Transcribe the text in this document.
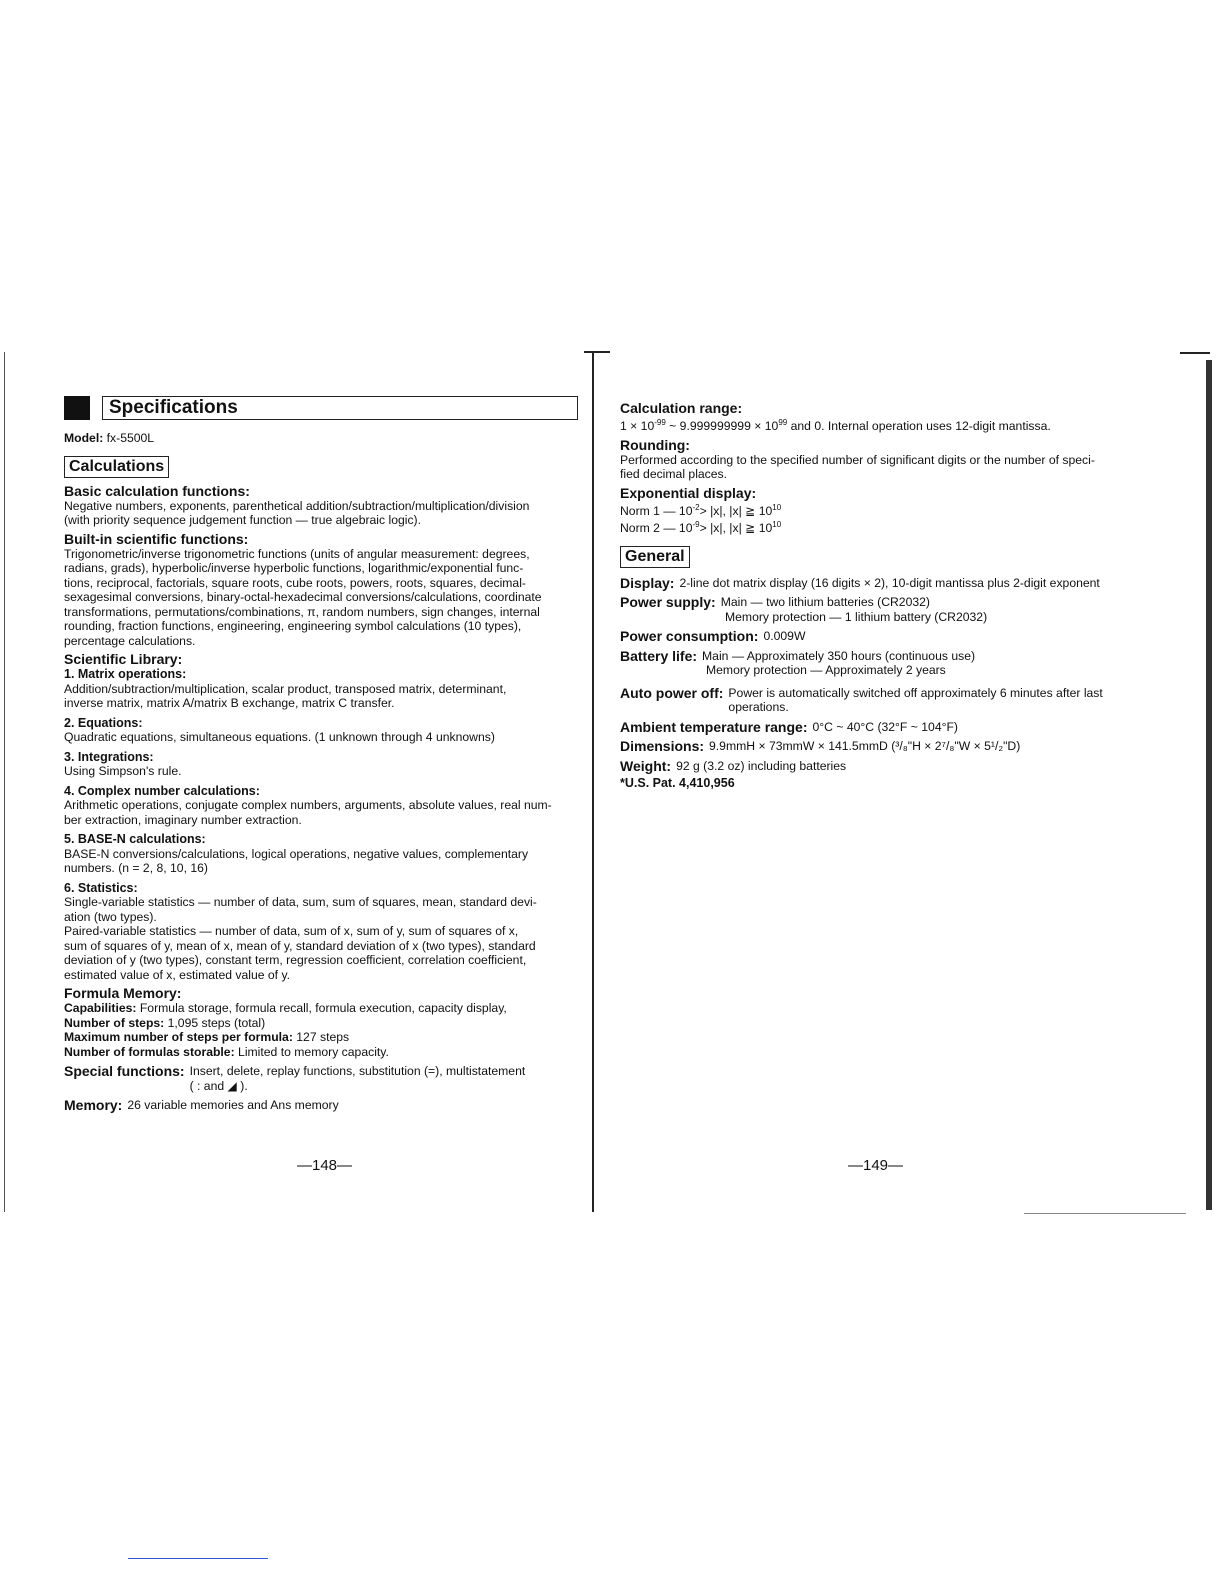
Specifications

Model: fx-5500L

Calculations

Basic calculation functions:

Negative numbers, exponents, parenthetical addition/subtraction/multiplication/division

(with priority sequence judgement function — true algebraic logic).

Built-in scientific functions:

Trigonometric/inverse trigonometric functions (units of angular measurement: degrees,

radians, grads), hyperbolic/inverse hyperbolic functions, logarithmic/exponential func-

tions, reciprocal, factorials, square roots, cube roots, powers, roots, squares, decimal-

sexagesimal conversions, binary-octal-hexadecimal conversions/calculations, coordinate

transformations, permutations/combinations, π, random numbers, sign changes, internal

rounding, fraction functions, engineering, engineering symbol calculations (10 types),

percentage calculations.

Scientific Library:

1. Matrix operations:

Addition/subtraction/multiplication, scalar product, transposed matrix, determinant,

inverse matrix, matrix A/matrix B exchange, matrix C transfer.

2. Equations:

Quadratic equations, simultaneous equations. (1 unknown through 4 unknowns)

3. Integrations:

Using Simpson's rule.

4. Complex number calculations:

Arithmetic operations, conjugate complex numbers, arguments, absolute values, real num-

ber extraction, imaginary number extraction.

5. BASE-N calculations:

BASE-N conversions/calculations, logical operations, negative values, complementary

numbers. (n = 2, 8, 10, 16)

6. Statistics:

Single-variable statistics — number of data, sum, sum of squares, mean, standard devi-

ation (two types).

Paired-variable statistics — number of data, sum of x, sum of y, sum of squares of x,

sum of squares of y, mean of x, mean of y, standard deviation of x (two types), standard

deviation of y (two types), constant term, regression coefficient, correlation coefficient,

estimated value of x, estimated value of y.

Formula Memory:

Capabilities: Formula storage, formula recall, formula execution, capacity display,

Number of steps: 1,095 steps (total)

Maximum number of steps per formula: 127 steps

Number of formulas storable: Limited to memory capacity.

Special functions: Insert, delete, replay functions, substitution (=), multistatement
( : and ◢ ).
Memory: 26 variable memories and Ans memory
—148—

Calculation range:

$1 \times 10^{-99}$ ~ $9.999999999 \times 10^{99}$ and 0. Internal operation uses 12-digit mantissa.

Rounding:

Performed according to the specified number of significant digits or the number of speci-

fied decimal places.

Exponential display:

Norm 1 — $10^{-2}> |x|$, |x| ≧ $10^{10}$

Norm 2 — $10^{-9}> |x|$, |x| ≧ $10^{10}$

General
Display: 2-line dot matrix display (16 digits × 2), 10-digit mantissa plus 2-digit exponent
Power supply: Main — two lithium batteries (CR2032)

Memory protection — 1 lithium battery (CR2032)

Power consumption: 0.009W
Battery life: Main — Approximately 350 hours (continuous use)

Memory protection — Approximately 2 years

Auto power off: Power is automatically switched off approximately 6 minutes after last
operations.
Ambient temperature range: 0°C ~ 40°C (32°F ~ 104°F)
Dimensions: 9.9mmH × 73mmW × 141.5mmD (³/₈"H × 2⁷/₈"W × 5¹/₂"D)
Weight: 92 g (3.2 oz) including batteries

*U.S. Pat. 4,410,956

—149—
